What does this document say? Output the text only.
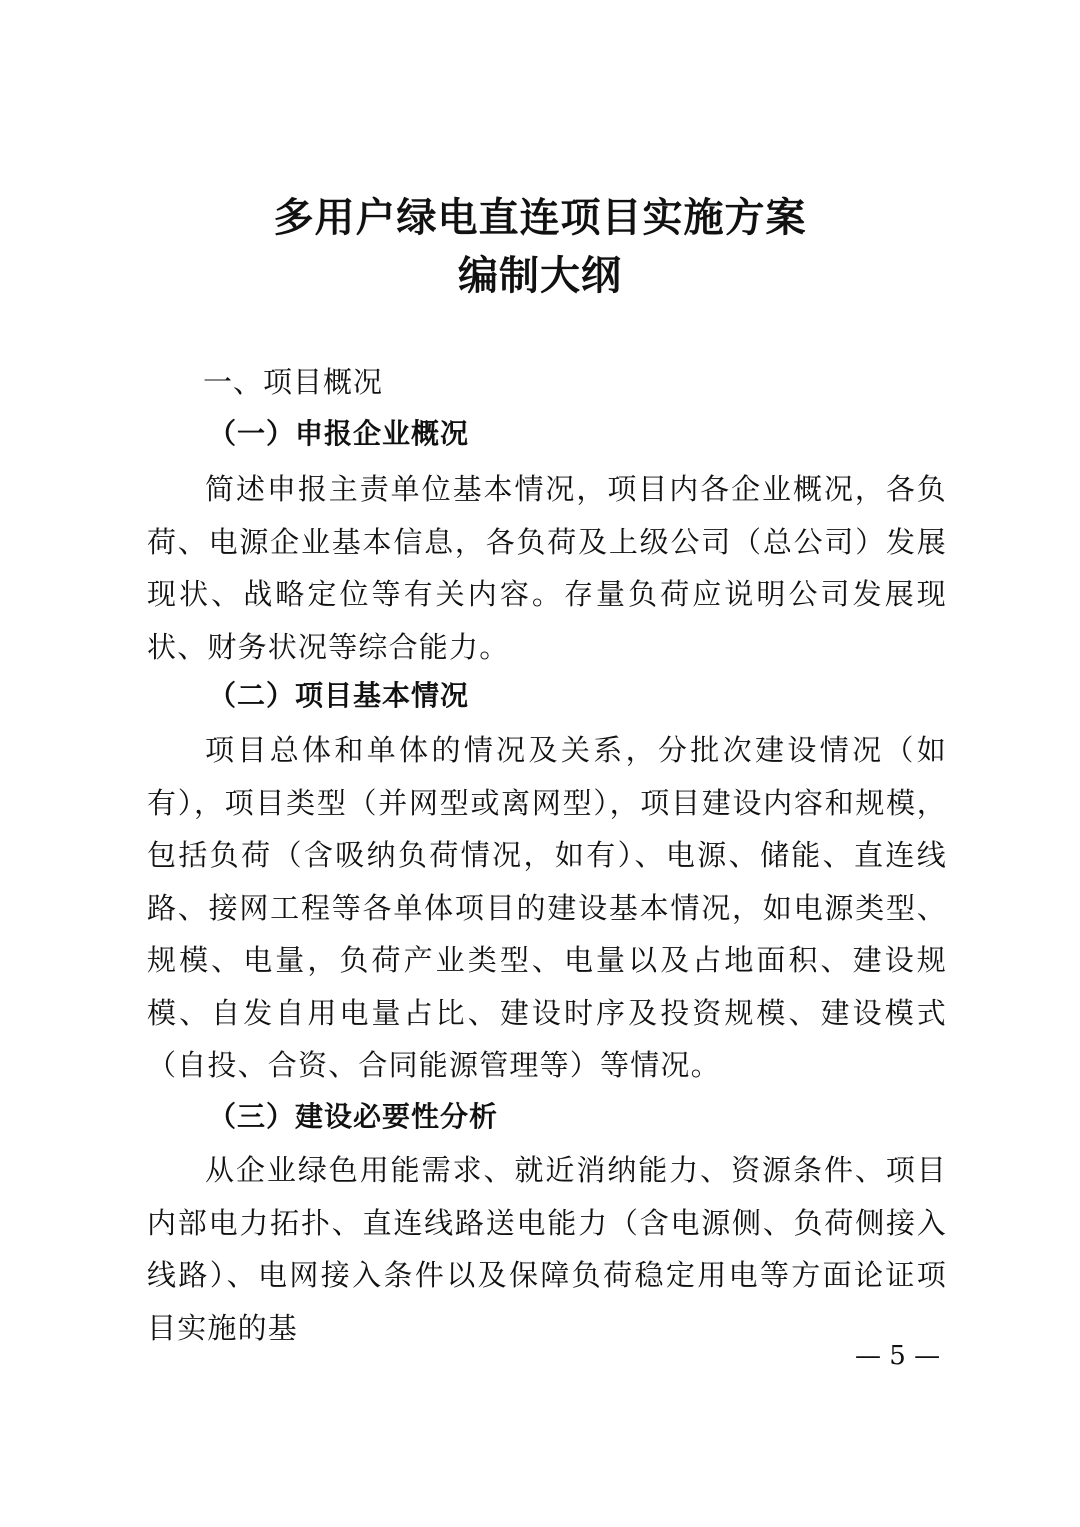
多用户绿电直连项目实施方案
编制大纲
一、项目概况
（一）申报企业概况

简述申报主责单位基本情况，项目内各企业概况，各负荷、电源企业基本信息，各负荷及上级公司（总公司）发展现状、战略定位等有关内容。存量负荷应说明公司发展现状、财务状况等综合能力。

（二）项目基本情况

项目总体和单体的情况及关系，分批次建设情况（如有），项目类型（并网型或离网型），项目建设内容和规模，包括负荷（含吸纳负荷情况，如有）、电源、储能、直连线路、接网工程等各单体项目的建设基本情况，如电源类型、规模、电量，负荷产业类型、电量以及占地面积、建设规模、自发自用电量占比、建设时序及投资规模、建设模式（自投、合资、合同能源管理等）等情况。

（三）建设必要性分析

从企业绿色用能需求、就近消纳能力、资源条件、项目内部电力拓扑、直连线路送电能力（含电源侧、负荷侧接入线路）、电网接入条件以及保障负荷稳定用电等方面论证项目实施的基

— 5 —
